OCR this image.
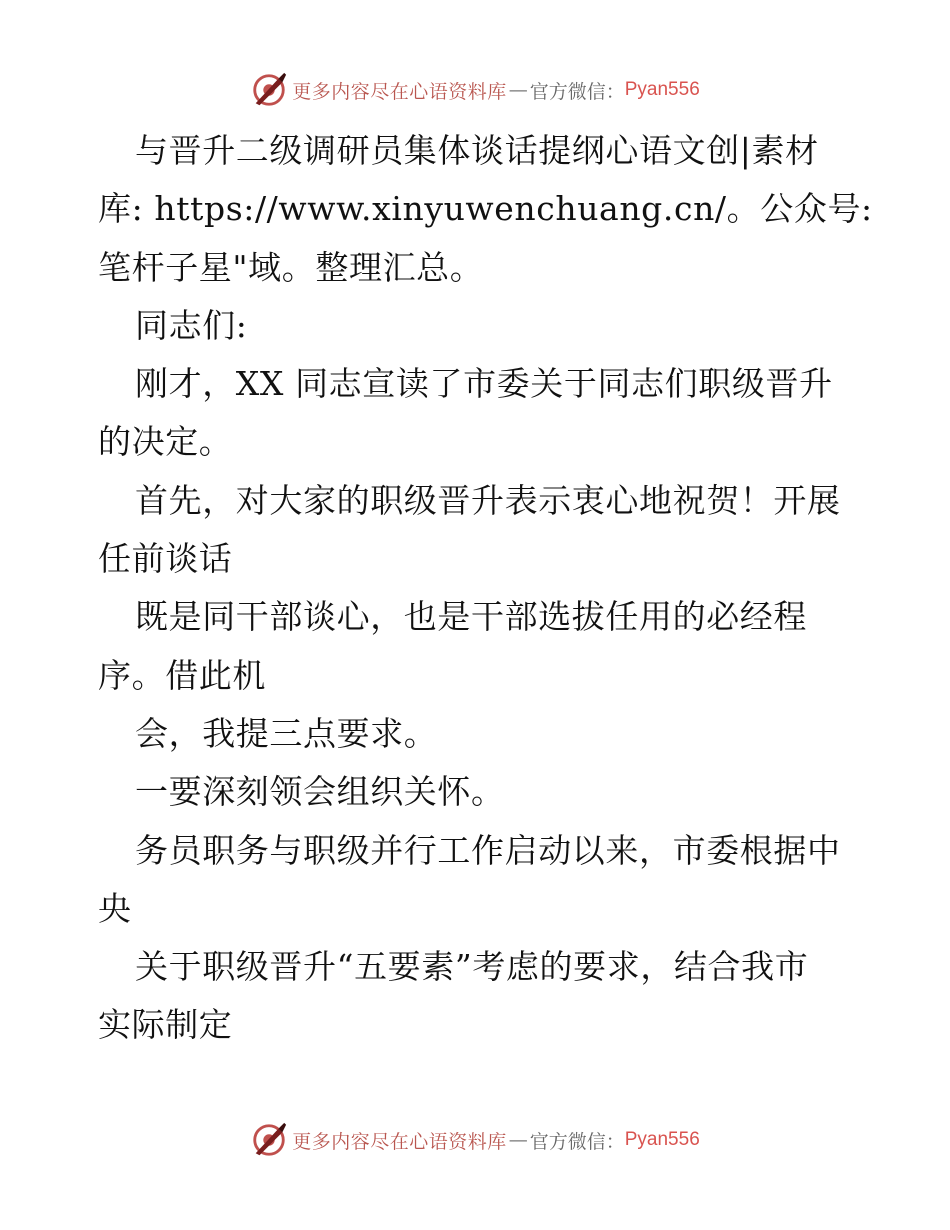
更多内容尽在心语资料库 — 官方微信： Pyan556
与晋升二级调研员集体谈话提纲心语文创|素材
库: https://www.xinyuwenchuang.cn/。公众号:
笔杆子星"域。整理汇总。
同志们:
刚才，XX 同志宣读了市委关于同志们职级晋升
的决定。
首先，对大家的职级晋升表示衷心地祝贺！开展
任前谈话
既是同干部谈心，也是干部选拔任用的必经程
序。借此机
会，我提三点要求。
一要深刻领会组织关怀。
务员职务与职级并行工作启动以来，市委根据中
央
关于职级晋升“五要素”考虑的要求，结合我市
实际制定
更多内容尽在心语资料库 — 官方微信： Pyan556
